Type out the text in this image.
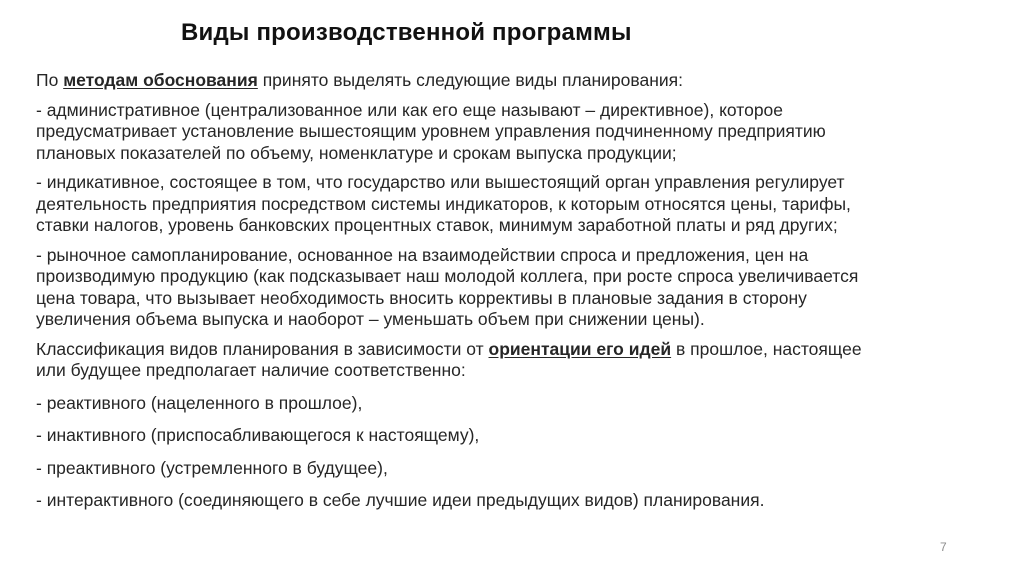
Виды производственной программы

По методам обоснования принято выделять следующие виды планирования:

- административное (централизованное или как его еще называют – директивное), которое предусматривает установление вышестоящим уровнем управления подчиненному предприятию плановых показателей по объему, номенклатуре и срокам выпуска продукции;

- индикативное, состоящее в том, что государство или вышестоящий орган управления регулирует деятельность предприятия посредством системы индикаторов, к которым относятся цены, тарифы, ставки налогов, уровень банковских процентных ставок, минимум заработной платы и ряд других;

- рыночное самопланирование, основанное на взаимодействии спроса и предложения, цен на производимую продукцию (как подсказывает наш молодой коллега, при росте спроса увеличивается цена товара, что вызывает необходимость вносить коррективы в плановые задания в сторону увеличения объема выпуска и наоборот – уменьшать объем при снижении цены).

Классификация видов планирования в зависимости от ориентации его идей в прошлое, настоящее или будущее предполагает наличие соответственно:

- реактивного (нацеленного в прошлое),

- инактивного (приспосабливающегося к настоящему),

- преактивного (устремленного в будущее),

- интерактивного (соединяющего в себе лучшие идеи предыдущих видов) планирования.

7
